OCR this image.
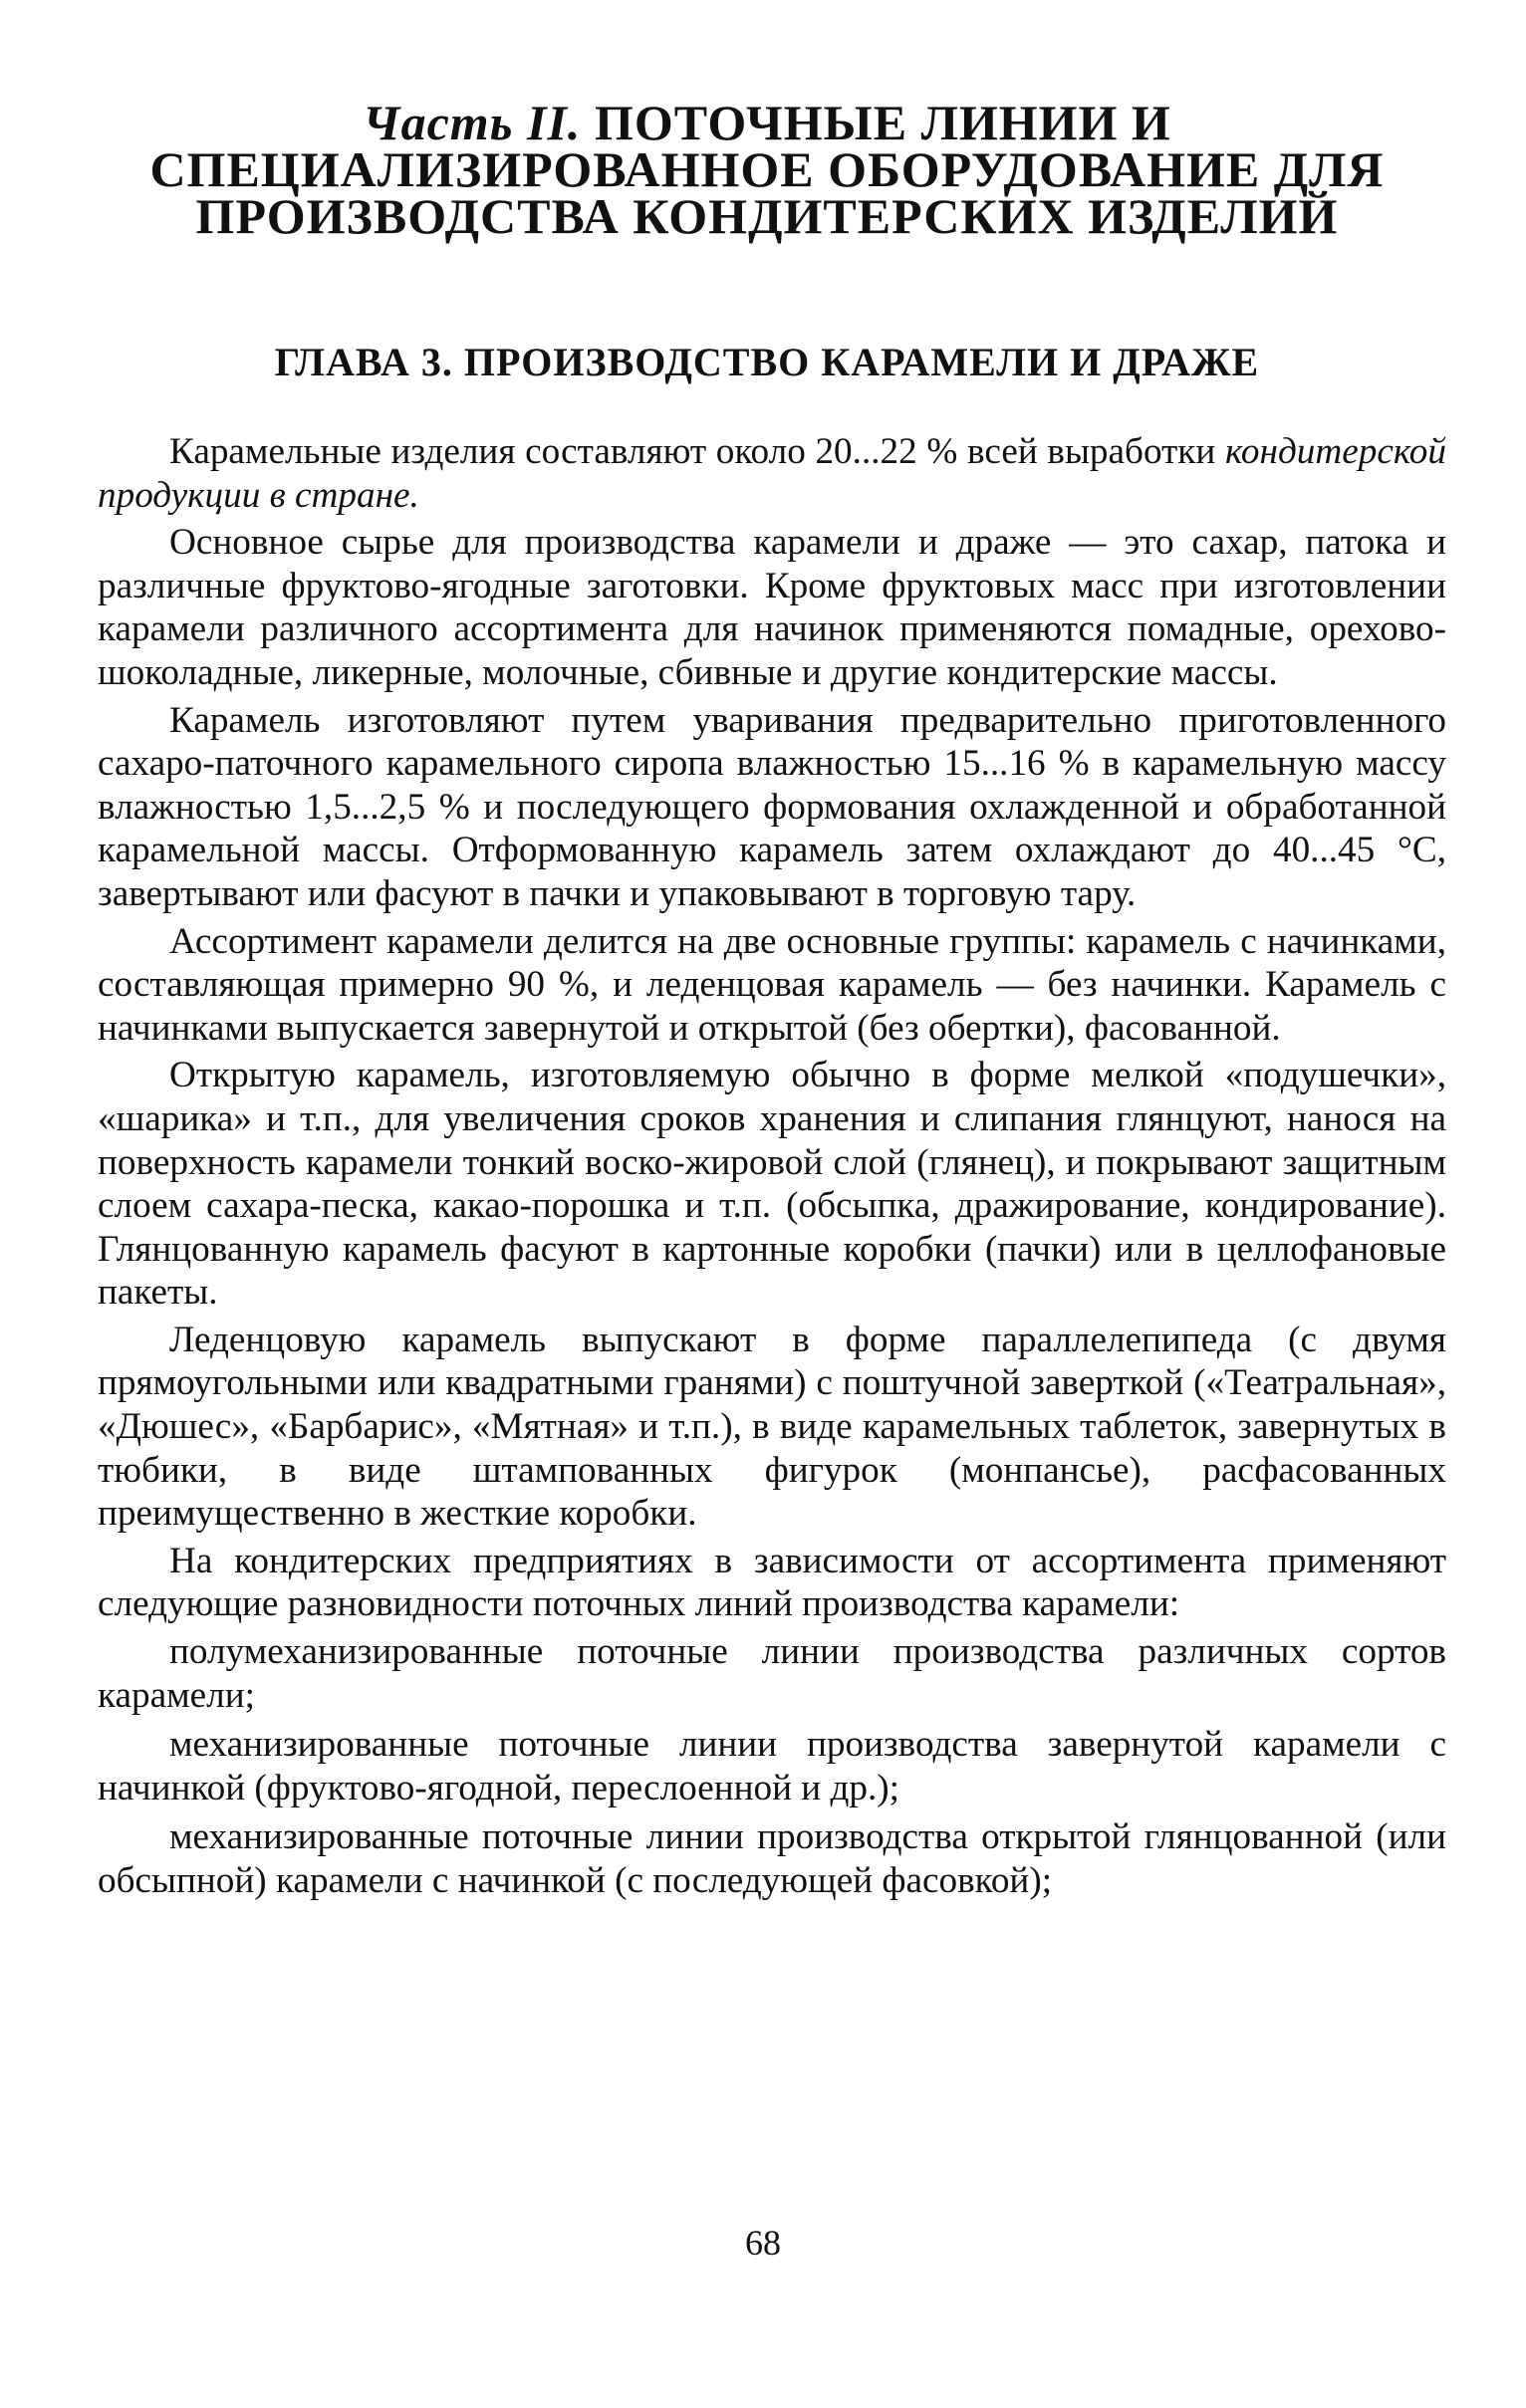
Часть II. ПОТОЧНЫЕ ЛИНИИ И СПЕЦИАЛИЗИРОВАННОЕ ОБОРУДОВАНИЕ ДЛЯ ПРОИЗВОДСТВА КОНДИТЕРСКИХ ИЗДЕЛИЙ
ГЛАВА 3. ПРОИЗВОДСТВО КАРАМЕЛИ И ДРАЖЕ

Карамельные изделия составляют около 20...22 % всей выработки кондитерской продукции в стране.

Основное сырье для производства карамели и драже — это сахар, патока и различные фруктово-ягодные заготовки. Кроме фруктовых масс при изготовлении карамели различного ассортимента для начинок применяются помадные, орехово-шоколадные, ликерные, молочные, сбивные и другие кондитерские массы.

Карамель изготовляют путем уваривания предварительно приготовленного сахаро-паточного карамельного сиропа влажностью 15...16 % в карамельную массу влажностью 1,5...2,5 % и последующего формования охлажденной и обработанной карамельной массы. Отформованную карамель затем охлаждают до 40...45 °С, завертывают или фасуют в пачки и упаковывают в торговую тару.

Ассортимент карамели делится на две основные группы: карамель с начинками, составляющая примерно 90 %, и леденцовая карамель — без начинки. Карамель с начинками выпускается завернутой и открытой (без обертки), фасованной.

Открытую карамель, изготовляемую обычно в форме мелкой «подушечки», «шарика» и т.п., для увеличения сроков хранения и слипания глянцуют, нанося на поверхность карамели тонкий воско-жировой слой (глянец), и покрывают защитным слоем сахара-песка, какао-порошка и т.п. (обсыпка, дражирование, кондирование). Глянцованную карамель фасуют в картонные коробки (пачки) или в целлофановые пакеты.

Леденцовую карамель выпускают в форме параллелепипеда (с двумя прямоугольными или квадратными гранями) с поштучной заверткой («Театральная», «Дюшес», «Барбарис», «Мятная» и т.п.), в виде карамельных таблеток, завернутых в тюбики, в виде штампованных фигурок (монпансье), расфасованных преимущественно в жесткие коробки.

На кондитерских предприятиях в зависимости от ассортимента применяют следующие разновидности поточных линий производства карамели:

полумеханизированные поточные линии производства различных сортов карамели;

механизированные поточные линии производства завернутой карамели с начинкой (фруктово-ягодной, переслоенной и др.);

механизированные поточные линии производства открытой глянцованной (или обсыпной) карамели с начинкой (с последующей фасовкой);

68
